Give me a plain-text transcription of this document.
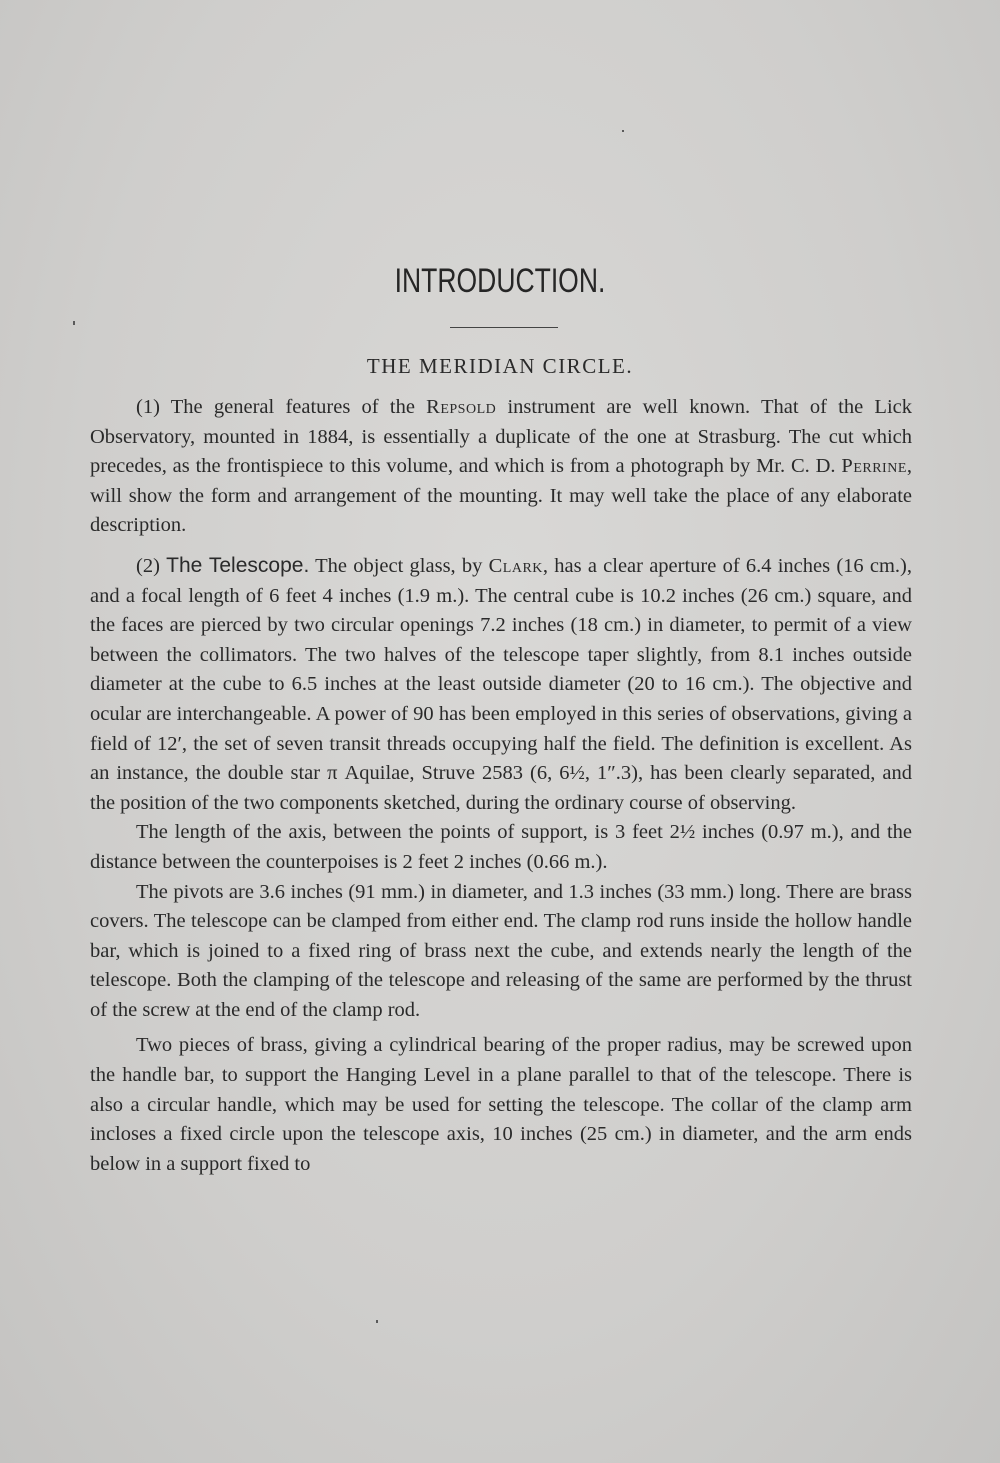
INTRODUCTION.
THE MERIDIAN CIRCLE.

(1) The general features of the Repsold instrument are well known. That of the Lick Observatory, mounted in 1884, is essentially a duplicate of the one at Strasburg. The cut which precedes, as the frontispiece to this volume, and which is from a photograph by Mr. C. D. Perrine, will show the form and arrangement of the mounting. It may well take the place of any elaborate description.

(2) The Telescope. The object glass, by Clark, has a clear aperture of 6.4 inches (16 cm.), and a focal length of 6 feet 4 inches (1.9 m.). The central cube is 10.2 inches (26 cm.) square, and the faces are pierced by two circular openings 7.2 inches (18 cm.) in diameter, to permit of a view between the collimators. The two halves of the telescope taper slightly, from 8.1 inches outside diameter at the cube to 6.5 inches at the least outside diameter (20 to 16 cm.). The objective and ocular are interchangeable. A power of 90 has been employed in this series of observations, giving a field of 12′, the set of seven transit threads occupying half the field. The definition is excellent. As an instance, the double star π Aquilae, Struve 2583 (6, 6½, 1″.3), has been clearly separated, and the position of the two components sketched, during the ordinary course of observing.

The length of the axis, between the points of support, is 3 feet 2½ inches (0.97 m.), and the distance between the counterpoises is 2 feet 2 inches (0.66 m.).

The pivots are 3.6 inches (91 mm.) in diameter, and 1.3 inches (33 mm.) long. There are brass covers. The telescope can be clamped from either end. The clamp rod runs inside the hollow handle bar, which is joined to a fixed ring of brass next the cube, and extends nearly the length of the telescope. Both the clamping of the telescope and releasing of the same are performed by the thrust of the screw at the end of the clamp rod.

Two pieces of brass, giving a cylindrical bearing of the proper radius, may be screwed upon the handle bar, to support the Hanging Level in a plane parallel to that of the telescope. There is also a circular handle, which may be used for setting the telescope. The collar of the clamp arm incloses a fixed circle upon the telescope axis, 10 inches (25 cm.) in diameter, and the arm ends below in a support fixed to
